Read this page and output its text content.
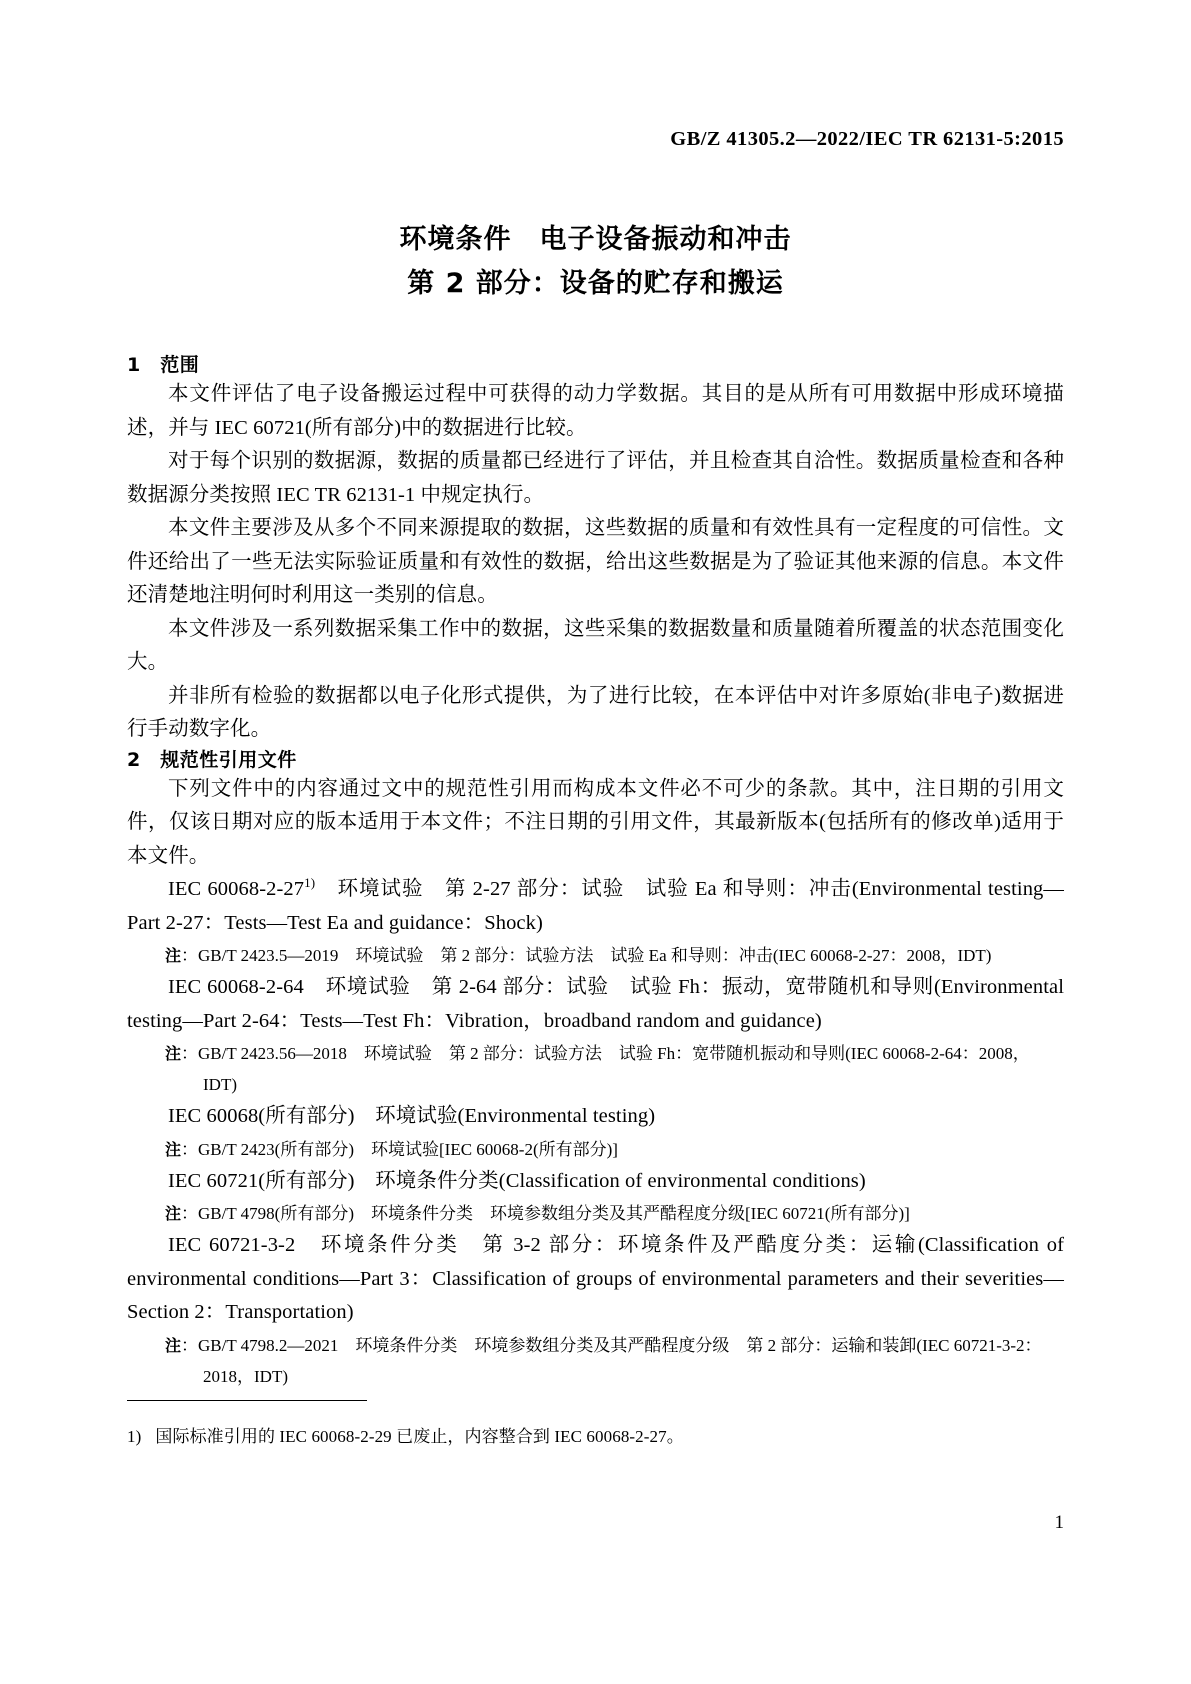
GB/Z 41305.2—2022/IEC TR 62131-5:2015
环境条件　电子设备振动和冲击
第 2 部分：设备的贮存和搬运
1　范围

本文件评估了电子设备搬运过程中可获得的动力学数据。其目的是从所有可用数据中形成环境描述，并与 IEC 60721(所有部分)中的数据进行比较。

对于每个识别的数据源，数据的质量都已经进行了评估，并且检查其自洽性。数据质量检查和各种数据源分类按照 IEC TR 62131-1 中规定执行。

本文件主要涉及从多个不同来源提取的数据，这些数据的质量和有效性具有一定程度的可信性。文件还给出了一些无法实际验证质量和有效性的数据，给出这些数据是为了验证其他来源的信息。本文件还清楚地注明何时利用这一类别的信息。

本文件涉及一系列数据采集工作中的数据，这些采集的数据数量和质量随着所覆盖的状态范围变化大。

并非所有检验的数据都以电子化形式提供，为了进行比较，在本评估中对许多原始(非电子)数据进行手动数字化。

2　规范性引用文件

下列文件中的内容通过文中的规范性引用而构成本文件必不可少的条款。其中，注日期的引用文件，仅该日期对应的版本适用于本文件；不注日期的引用文件，其最新版本(包括所有的修改单)适用于本文件。

IEC 60068-2-27$^{1)}$　环境试验　第 2-27 部分：试验　试验 Ea 和导则：冲击(Environmental testing—Part 2-27：Tests—Test Ea and guidance：Shock)

注：GB/T 2423.5—2019　环境试验　第 2 部分：试验方法　试验 Ea 和导则：冲击(IEC 60068-2-27：2008，IDT)

IEC 60068-2-64　环境试验　第 2-64 部分：试验　试验 Fh：振动，宽带随机和导则(Environmental testing—Part 2-64：Tests—Test Fh：Vibration，broadband random and guidance)

注：GB/T 2423.56—2018　环境试验　第 2 部分：试验方法　试验 Fh：宽带随机振动和导则(IEC 60068-2-64：2008，

IDT)

IEC 60068(所有部分)　环境试验(Environmental testing)

注：GB/T 2423(所有部分)　环境试验[IEC 60068-2(所有部分)]

IEC 60721(所有部分)　环境条件分类(Classification of environmental conditions)

注：GB/T 4798(所有部分)　环境条件分类　环境参数组分类及其严酷程度分级[IEC 60721(所有部分)]

IEC 60721-3-2　环境条件分类　第 3-2 部分：环境条件及严酷度分类：运输(Classification of environmental conditions—Part 3：Classification of groups of environmental parameters and their severities—Section 2：Transportation)

注：GB/T 4798.2—2021　环境条件分类　环境参数组分类及其严酷程度分级　第 2 部分：运输和装卸(IEC 60721-3-2：

2018，IDT)

1) 国际标准引用的 IEC 60068-2-29 已废止，内容整合到 IEC 60068-2-27。
1
